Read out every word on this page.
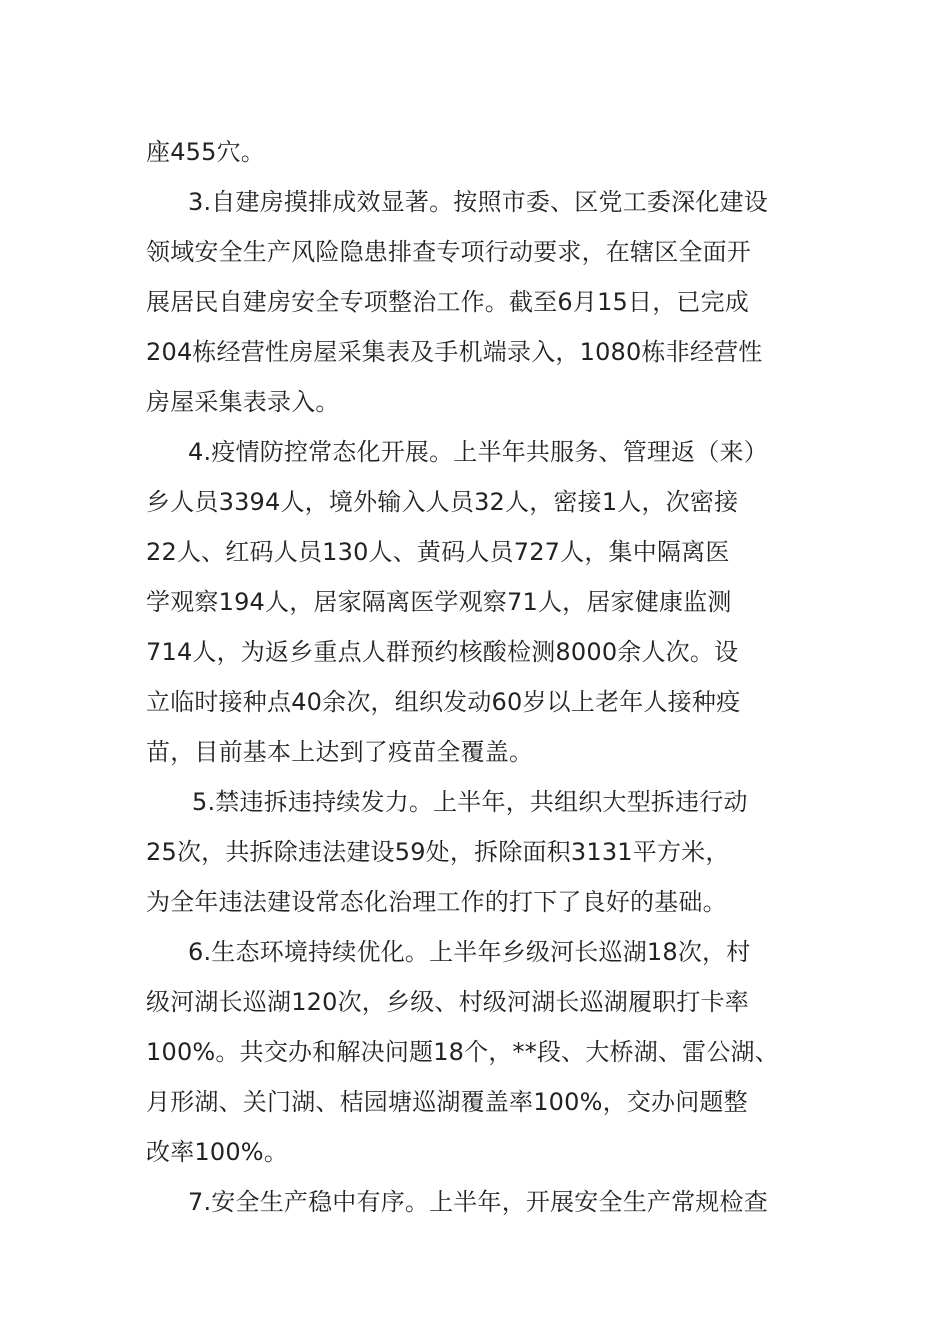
座455穴。
3.自建房摸排成效显著。按照市委、区党工委深化建设
领域安全生产风险隐患排查专项行动要求，在辖区全面开
展居民自建房安全专项整治工作。截至6月15日，已完成
204栋经营性房屋采集表及手机端录入，1080栋非经营性
房屋采集表录入。
4.疫情防控常态化开展。上半年共服务、管理返（来）
乡人员3394人，境外输入人员32人，密接1人，次密接
22人、红码人员130人、黄码人员727人，集中隔离医
学观察194人，居家隔离医学观察71人，居家健康监测
714人，为返乡重点人群预约核酸检测8000余人次。设
立临时接种点40余次，组织发动60岁以上老年人接种疫
苗，目前基本上达到了疫苗全覆盖。
5.禁违拆违持续发力。上半年，共组织大型拆违行动
25次，共拆除违法建设59处，拆除面积3131平方米，
为全年违法建设常态化治理工作的打下了良好的基础。
6.生态环境持续优化。上半年乡级河长巡湖18次，村
级河湖长巡湖120次，乡级、村级河湖长巡湖履职打卡率
100%。共交办和解决问题18个，**段、大桥湖、雷公湖、
月形湖、关门湖、桔园塘巡湖覆盖率100%，交办问题整
改率100%。
7.安全生产稳中有序。上半年，开展安全生产常规检查
